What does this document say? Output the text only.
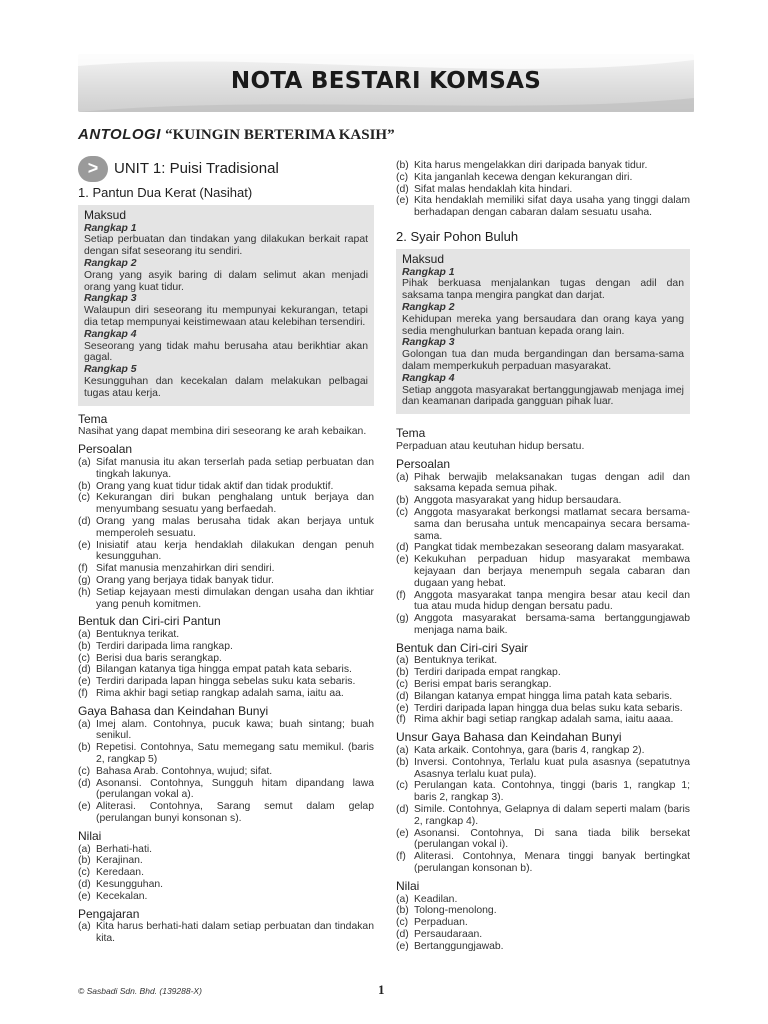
NOTA BESTARI KOMSAS
ANTOLOGI “KUINGIN BERTERIMA KASIH”
>	UNIT 1: Puisi Tradisional
1. Pantun Dua Kerat (Nasihat)
Maksud
Rangkap 1

Setiap perbuatan dan tindakan yang dilakukan berkait rapat dengan sifat seseorang itu sendiri.

Rangkap 2

Orang yang asyik baring di dalam selimut akan menjadi orang yang kuat tidur.

Rangkap 3

Walaupun diri seseorang itu mempunyai kekurangan, tetapi dia tetap mempunyai keistimewaan atau kelebihan tersendiri.

Rangkap 4

Seseorang yang tidak mahu berusaha atau berikhtiar akan gagal.

Rangkap 5

Kesungguhan dan kecekalan dalam melakukan pelbagai tugas atau kerja.

Tema

Nasihat yang dapat membina diri seseorang ke arah kebaikan.

Persoalan
(a) Sifat manusia itu akan terserlah pada setiap perbuatan dan tingkah lakunya.
(b) Orang yang kuat tidur tidak aktif dan tidak produktif.
(c) Kekurangan diri bukan penghalang untuk berjaya dan menyumbang sesuatu yang berfaedah.
(d) Orang yang malas berusaha tidak akan berjaya untuk memperoleh sesuatu.
(e) Inisiatif atau kerja hendaklah dilakukan dengan penuh kesungguhan.
(f) Sifat manusia menzahirkan diri sendiri.
(g) Orang yang berjaya tidak banyak tidur.
(h) Setiap kejayaan mesti dimulakan dengan usaha dan ikhtiar yang penuh komitmen.
Bentuk dan Ciri-ciri Pantun
(a) Bentuknya terikat.
(b) Terdiri daripada lima rangkap.
(c) Berisi dua baris serangkap.
(d) Bilangan katanya tiga hingga empat patah kata sebaris.
(e) Terdiri daripada lapan hingga sebelas suku kata sebaris.
(f) Rima akhir bagi setiap rangkap adalah sama, iaitu aa.
Gaya Bahasa dan Keindahan Bunyi
(a) Imej alam. Contohnya, pucuk kawa; buah sintang; buah senikul.
(b) Repetisi. Contohnya, Satu memegang satu memikul. (baris 2, rangkap 5)
(c) Bahasa Arab. Contohnya, wujud; sifat.
(d) Asonansi. Contohnya, Sungguh hitam dipandang lawa (perulangan vokal a).
(e) Aliterasi. Contohnya, Sarang semut dalam gelap (perulangan bunyi konsonan s).
Nilai
(a) Berhati-hati.
(b) Kerajinan.
(c) Keredaan.
(d) Kesungguhan.
(e) Kecekalan.
Pengajaran
(a) Kita harus berhati-hati dalam setiap perbuatan dan tindakan kita.
(b) Kita harus mengelakkan diri daripada banyak tidur.
(c) Kita janganlah kecewa dengan kekurangan diri.
(d) Sifat malas hendaklah kita hindari.
(e) Kita hendaklah memiliki sifat daya usaha yang tinggi dalam berhadapan dengan cabaran dalam sesuatu usaha.
2. Syair Pohon Buluh
Maksud
Rangkap 1

Pihak berkuasa menjalankan tugas dengan adil dan saksama tanpa mengira pangkat dan darjat.

Rangkap 2

Kehidupan mereka yang bersaudara dan orang kaya yang sedia menghulurkan bantuan kepada orang lain.

Rangkap 3

Golongan tua dan muda bergandingan dan bersama-sama dalam memperkukuh perpaduan masyarakat.

Rangkap 4

Setiap anggota masyarakat bertanggungjawab menjaga imej dan keamanan daripada gangguan pihak luar.

Tema

Perpaduan atau keutuhan hidup bersatu.

Persoalan
(a) Pihak berwajib melaksanakan tugas dengan adil dan saksama kepada semua pihak.
(b) Anggota masyarakat yang hidup bersaudara.
(c) Anggota masyarakat berkongsi matlamat secara bersama-sama dan berusaha untuk mencapainya secara bersama-sama.
(d) Pangkat tidak membezakan seseorang dalam masyarakat.
(e) Kekukuhan perpaduan hidup masyarakat membawa kejayaan dan berjaya menempuh segala cabaran dan dugaan yang hebat.
(f) Anggota masyarakat tanpa mengira besar atau kecil dan tua atau muda hidup dengan bersatu padu.
(g) Anggota masyarakat bersama-sama bertanggungjawab menjaga nama baik.
Bentuk dan Ciri-ciri Syair
(a) Bentuknya terikat.
(b) Terdiri daripada empat rangkap.
(c) Berisi empat baris serangkap.
(d) Bilangan katanya empat hingga lima patah kata sebaris.
(e) Terdiri daripada lapan hingga dua belas suku kata sebaris.
(f) Rima akhir bagi setiap rangkap adalah sama, iaitu aaaa.
Unsur Gaya Bahasa dan Keindahan Bunyi
(a) Kata arkaik. Contohnya, gara (baris 4, rangkap 2).
(b) Inversi. Contohnya, Terlalu kuat pula asasnya (sepatutnya Asasnya terlalu kuat pula).
(c) Perulangan kata. Contohnya, tinggi (baris 1, rangkap 1; baris 2, rangkap 3).
(d) Simile. Contohnya, Gelapnya di dalam seperti malam (baris 2, rangkap 4).
(e) Asonansi. Contohnya, Di sana tiada bilik bersekat (perulangan vokal i).
(f) Aliterasi. Contohnya, Menara tinggi banyak bertingkat (perulangan konsonan b).
Nilai
(a) Keadilan.
(b) Tolong-menolong.
(c) Perpaduan.
(d) Persaudaraan.
(e) Bertanggungjawab.
© Sasbadi Sdn. Bhd. (139288-X)	1
